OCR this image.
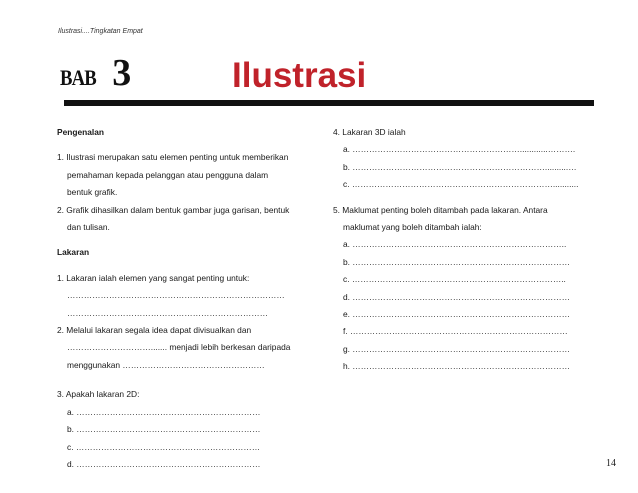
Ilustrasi....Tingkatan Empat
BAB 3	Ilustrasi
Pengenalan
1. Ilustrasi merupakan satu elemen penting untuk memberikan
pemahaman kepada pelanggan atau pengguna dalam
bentuk grafik.
2. Grafik dihasilkan dalam bentuk gambar juga garisan, bentuk
dan tulisan.
Lakaran
1. Lakaran ialah elemen yang sangat penting untuk:
……………………………………………………………………
………………………………………………………………
2. Melalui lakaran segala idea dapat divisualkan dan
…………………………....... menjadi lebih berkesan daripada
menggunakan ……………………………………………
3. Apakah lakaran 2D:
a. …………………………………………………………
b. …………………………………………………………
c. …………………………………………………………
d. …………………………………………………………
4. Lakaran 3D ialah
a. ……………………………………………………............……….
b. ……………………………………………………………..........…
c. ………………………………………………………………...........
5. Maklumat penting boleh ditambah pada lakaran. Antara
maklumat yang boleh ditambah ialah:
a. …………………………………………………………………..
b. ……………………………………………………………………
c. …………………………………………………………………..
d. ……………………………………………………………………
e. ……………………………………………………………………
f. ……………………………………………………………………
g. ……………………………………………………………………
h. ……………………………………………………………………
14
